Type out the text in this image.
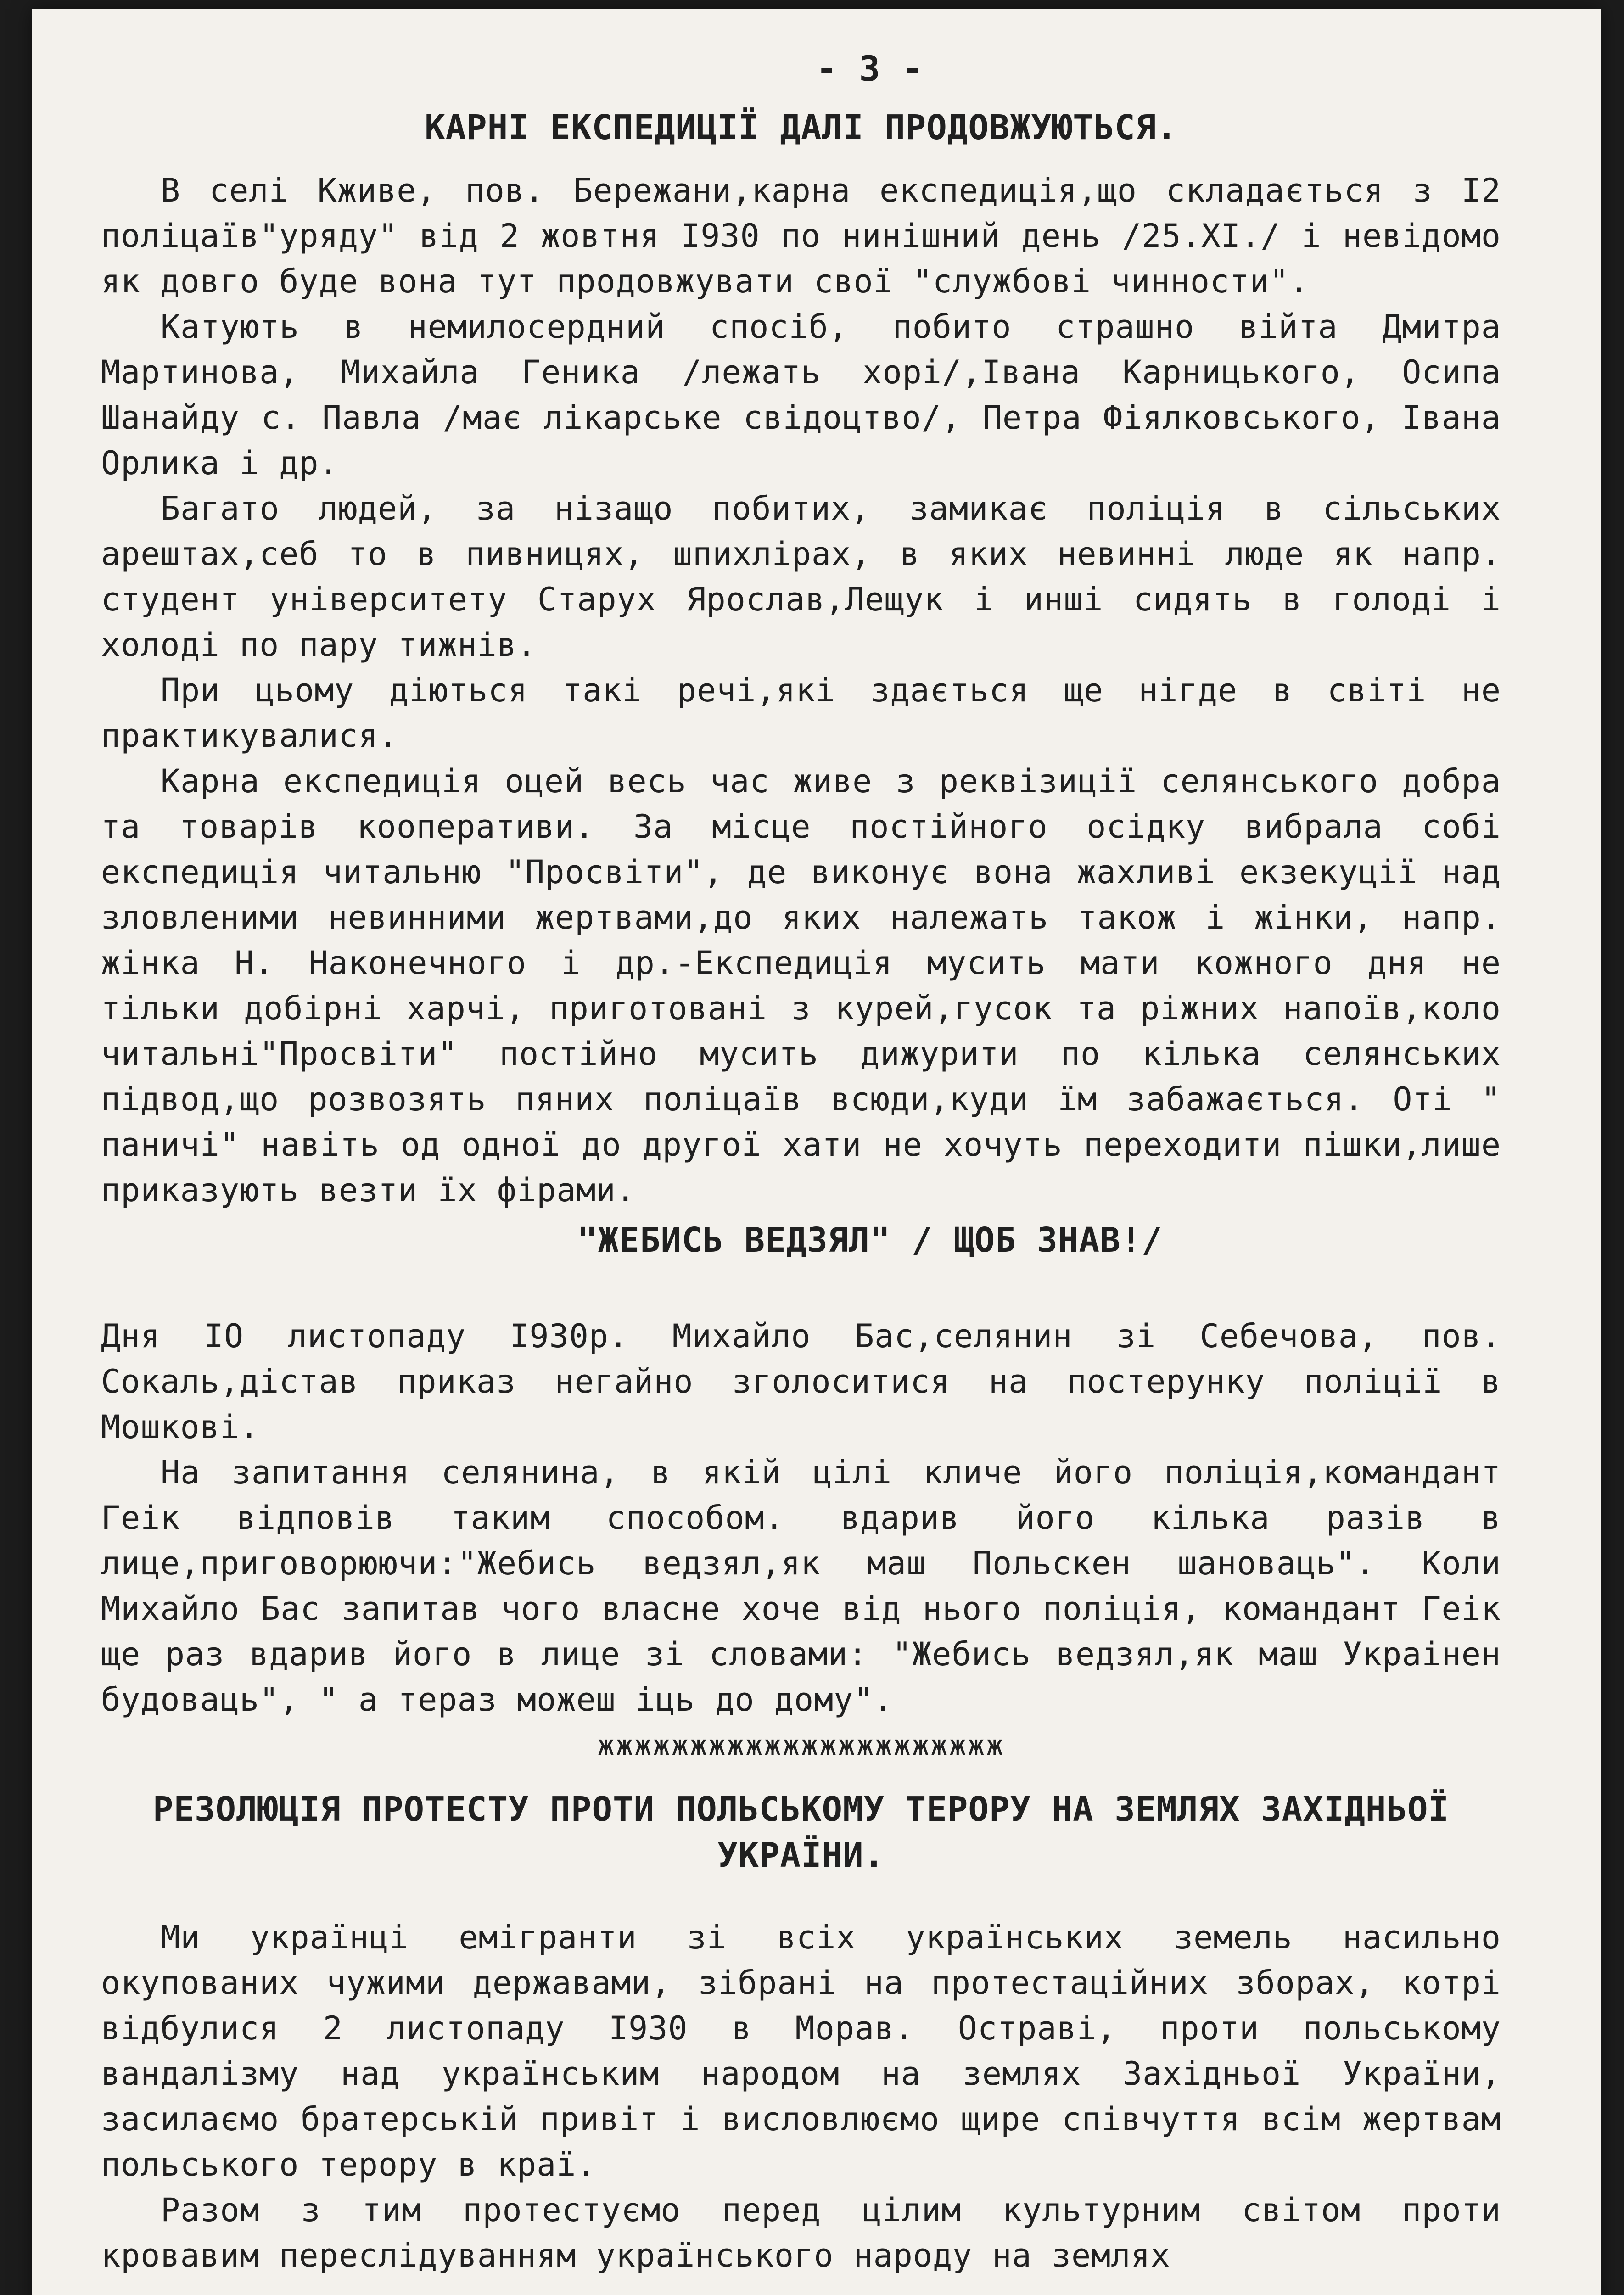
- 3 -
КАРНІ ЕКСПЕДИЦІЇ ДАЛІ ПРОДОВЖУЮТЬСЯ.

В селі Кживе, пов. Бережани,карна експедиція,що складається з I2 поліцаїв"уряду" від 2 жовтня I930 по нинішний день /25.XI./ і невідомо як довго буде вона тут продовжувати свої "службові чинности".

Катують в немилосердний спосіб, побито страшно війта Дмитра Мартинова, Михайла Геника /лежать хорі/,Івана Карницького, Осипа Шанайду с. Павла /має лікарське свідоцтво/, Петра Фіялковського, Івана Орлика і др.

Багато людей, за нізащо побитих, замикає поліція в сільських арештах,себ то в пивницях, шпихлірах, в яких невинні люде як напр. студент університету Старух Ярослав,Лещук і инші сидять в голоді і холоді по пару тижнів.

При цьому діються такі речі,які здається ще нігде в світі не практикувалися.

Карна експедиція оцей весь час живе з реквізиції селянського добра та товарів кооперативи. За місце постійного осідку вибрала собі експедиція читальню "Просвіти", де виконує вона жахливі екзекуції над зловленими невинними жертвами,до яких належать також і жінки, напр. жінка Н. Наконечного і др.-Експедиція мусить мати кожного дня не тільки добірні харчі, приготовані з курей,гусок та ріжних напоїв,коло читальні"Просвіти" постійно мусить дижурити по кілька селянських підвод,що розвозять пяних поліцаїв всюди,куди їм забажається. Оті " паничі" навіть од одної до другої хати не хочуть переходити пішки,лише приказують везти їх фірами.

"ЖЕБИСЬ ВЕДЗЯЛ" / ЩОБ ЗНАВ!/

Дня IO листопаду I930р. Михайло Бас,селянин зі Себечова, пов. Сокаль,дістав приказ негайно зголоситися на постерунку поліції в Мошкові.

На запитання селянина, в якій цілі кличе його поліція,командант Геік відповів таким способом. вдарив його кілька разів в лице,приговорюючи:"Жебись ведзял,як маш Польскен шановаць". Коли Михайло Бас запитав чого власне хоче від нього поліція, командант Геік ще раз вдарив його в лице зі словами: "Жебись ведзял,як маш Украінен будоваць", " а тераз можеш іць до дому".

жжжжжжжжжжжжжжжжжжжжжж
РЕЗОЛЮЦІЯ ПРОТЕСТУ ПРОТИ ПОЛЬСЬКОМУ ТЕРОРУ НА ЗЕМЛЯХ ЗАХІДНЬОЇ УКРАЇНИ.

Ми українці емігранти зі всіх українських земель насильно окупованих чужими державами, зібрані на протестаційних зборах, котрі відбулися 2 листопаду I930 в Морав. Остраві, проти польському вандалізму над українським народом на землях Західньої України, засилаємо братерській привіт і висловлюємо щире співчуття всім жертвам польського терору в краї.

Разом з тим протестуємо перед цілим культурним світом проти кровавим переслідуванням українського народу на землях
